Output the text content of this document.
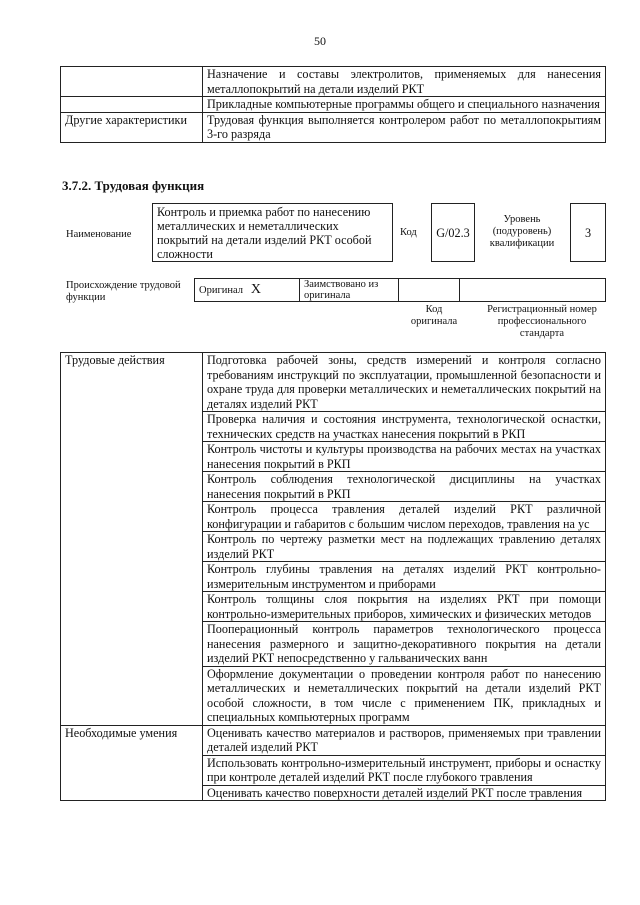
50
	Назначение и составы электролитов, применяемых для нанесения металлопокрытий на детали изделий РКТ
	Прикладные компьютерные программы общего и специального назначения
Другие характеристики	Трудовая функция выполняется контролером работ по металлопокрытиям 3-го разряда
3.7.2. Трудовая функция
Наименование
Контроль и приемка работ по нанесению металлических и неметаллических покрытий на детали изделий РКТ особой сложности
Код	G/02.3
Уровень (подуровень) квалификации
3
Происхождение трудовой функции
Оригинал X	Заимствовано из оригинала		
Код оригинала
Регистрационный номер профессионального стандарта
Трудовые действия	Подготовка рабочей зоны, средств измерений и контроля согласно требованиям инструкций по эксплуатации, промышленной безопасности и охране труда для проверки металлических и неметаллических покрытий на деталях изделий РКТ
	Проверка наличия и состояния инструмента, технологической оснастки, технических средств на участках нанесения покрытий в РКП
	Контроль чистоты и культуры производства на рабочих местах на участках нанесения покрытий в РКП
	Контроль соблюдения технологической дисциплины на участках нанесения покрытий в РКП
	Контроль процесса травления деталей изделий РКТ различной конфигурации и габаритов с большим числом переходов, травления на ус
	Контроль по чертежу разметки мест на подлежащих травлению деталях изделий РКТ
	Контроль глубины травления на деталях изделий РКТ контрольно-измерительным инструментом и приборами
	Контроль толщины слоя покрытия на изделиях РКТ при помощи контрольно-измерительных приборов, химических и физических методов
	Пооперационный контроль параметров технологического процесса нанесения размерного и защитно-декоративного покрытия на детали изделий РКТ непосредственно у гальванических ванн
	Оформление документации о проведении контроля работ по нанесению металлических и неметаллических покрытий на детали изделий РКТ особой сложности, в том числе с применением ПК, прикладных и специальных компьютерных программ
Необходимые умения	Оценивать качество материалов и растворов, применяемых при травлении деталей изделий РКТ
	Использовать контрольно-измерительный инструмент, приборы и оснастку при контроле деталей изделий РКТ после глубокого травления
	Оценивать качество поверхности деталей изделий РКТ после травления
